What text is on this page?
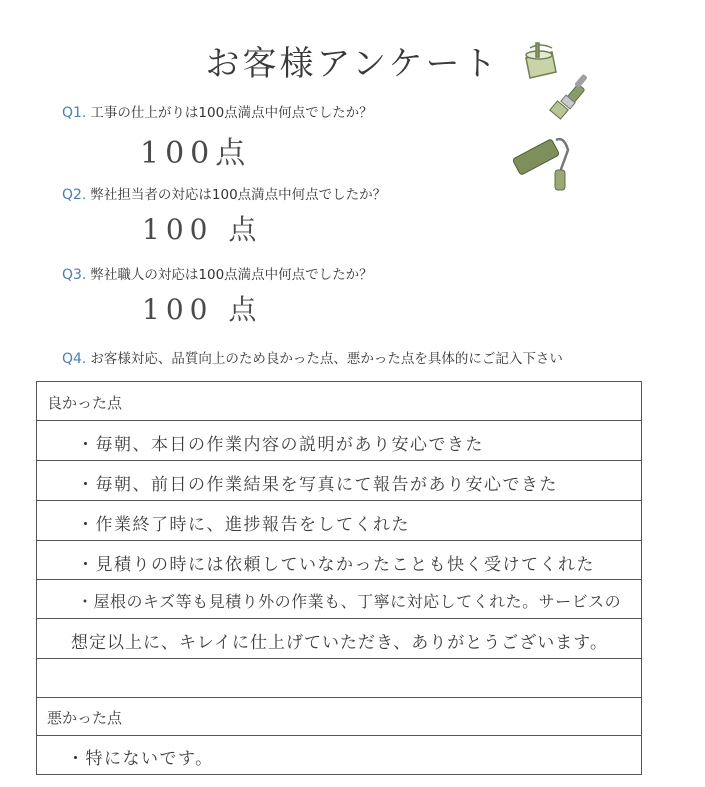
お客様アンケート
Q1. 工事の仕上がりは100点満点中何点でしたか？
100点
Q2. 弊社担当者の対応は100点満点中何点でしたか？
100 点
Q3. 弊社職人の対応は100点満点中何点でしたか？
100 点
Q4. お客様対応、品質向上のため良かった点、悪かった点を具体的にご記入下さい
良かった点
・毎朝、本日の作業内容の説明があり安心できた
・毎朝、前日の作業結果を写真にて報告があり安心できた
・作業終了時に、進捗報告をしてくれた
・見積りの時には依頼していなかったことも快く受けてくれた
・屋根のキズ等も見積り外の作業も、丁寧に対応してくれた。サービスの
想定以上に、キレイに仕上げていただき、ありがとうございます。
悪かった点
・特にないです。
